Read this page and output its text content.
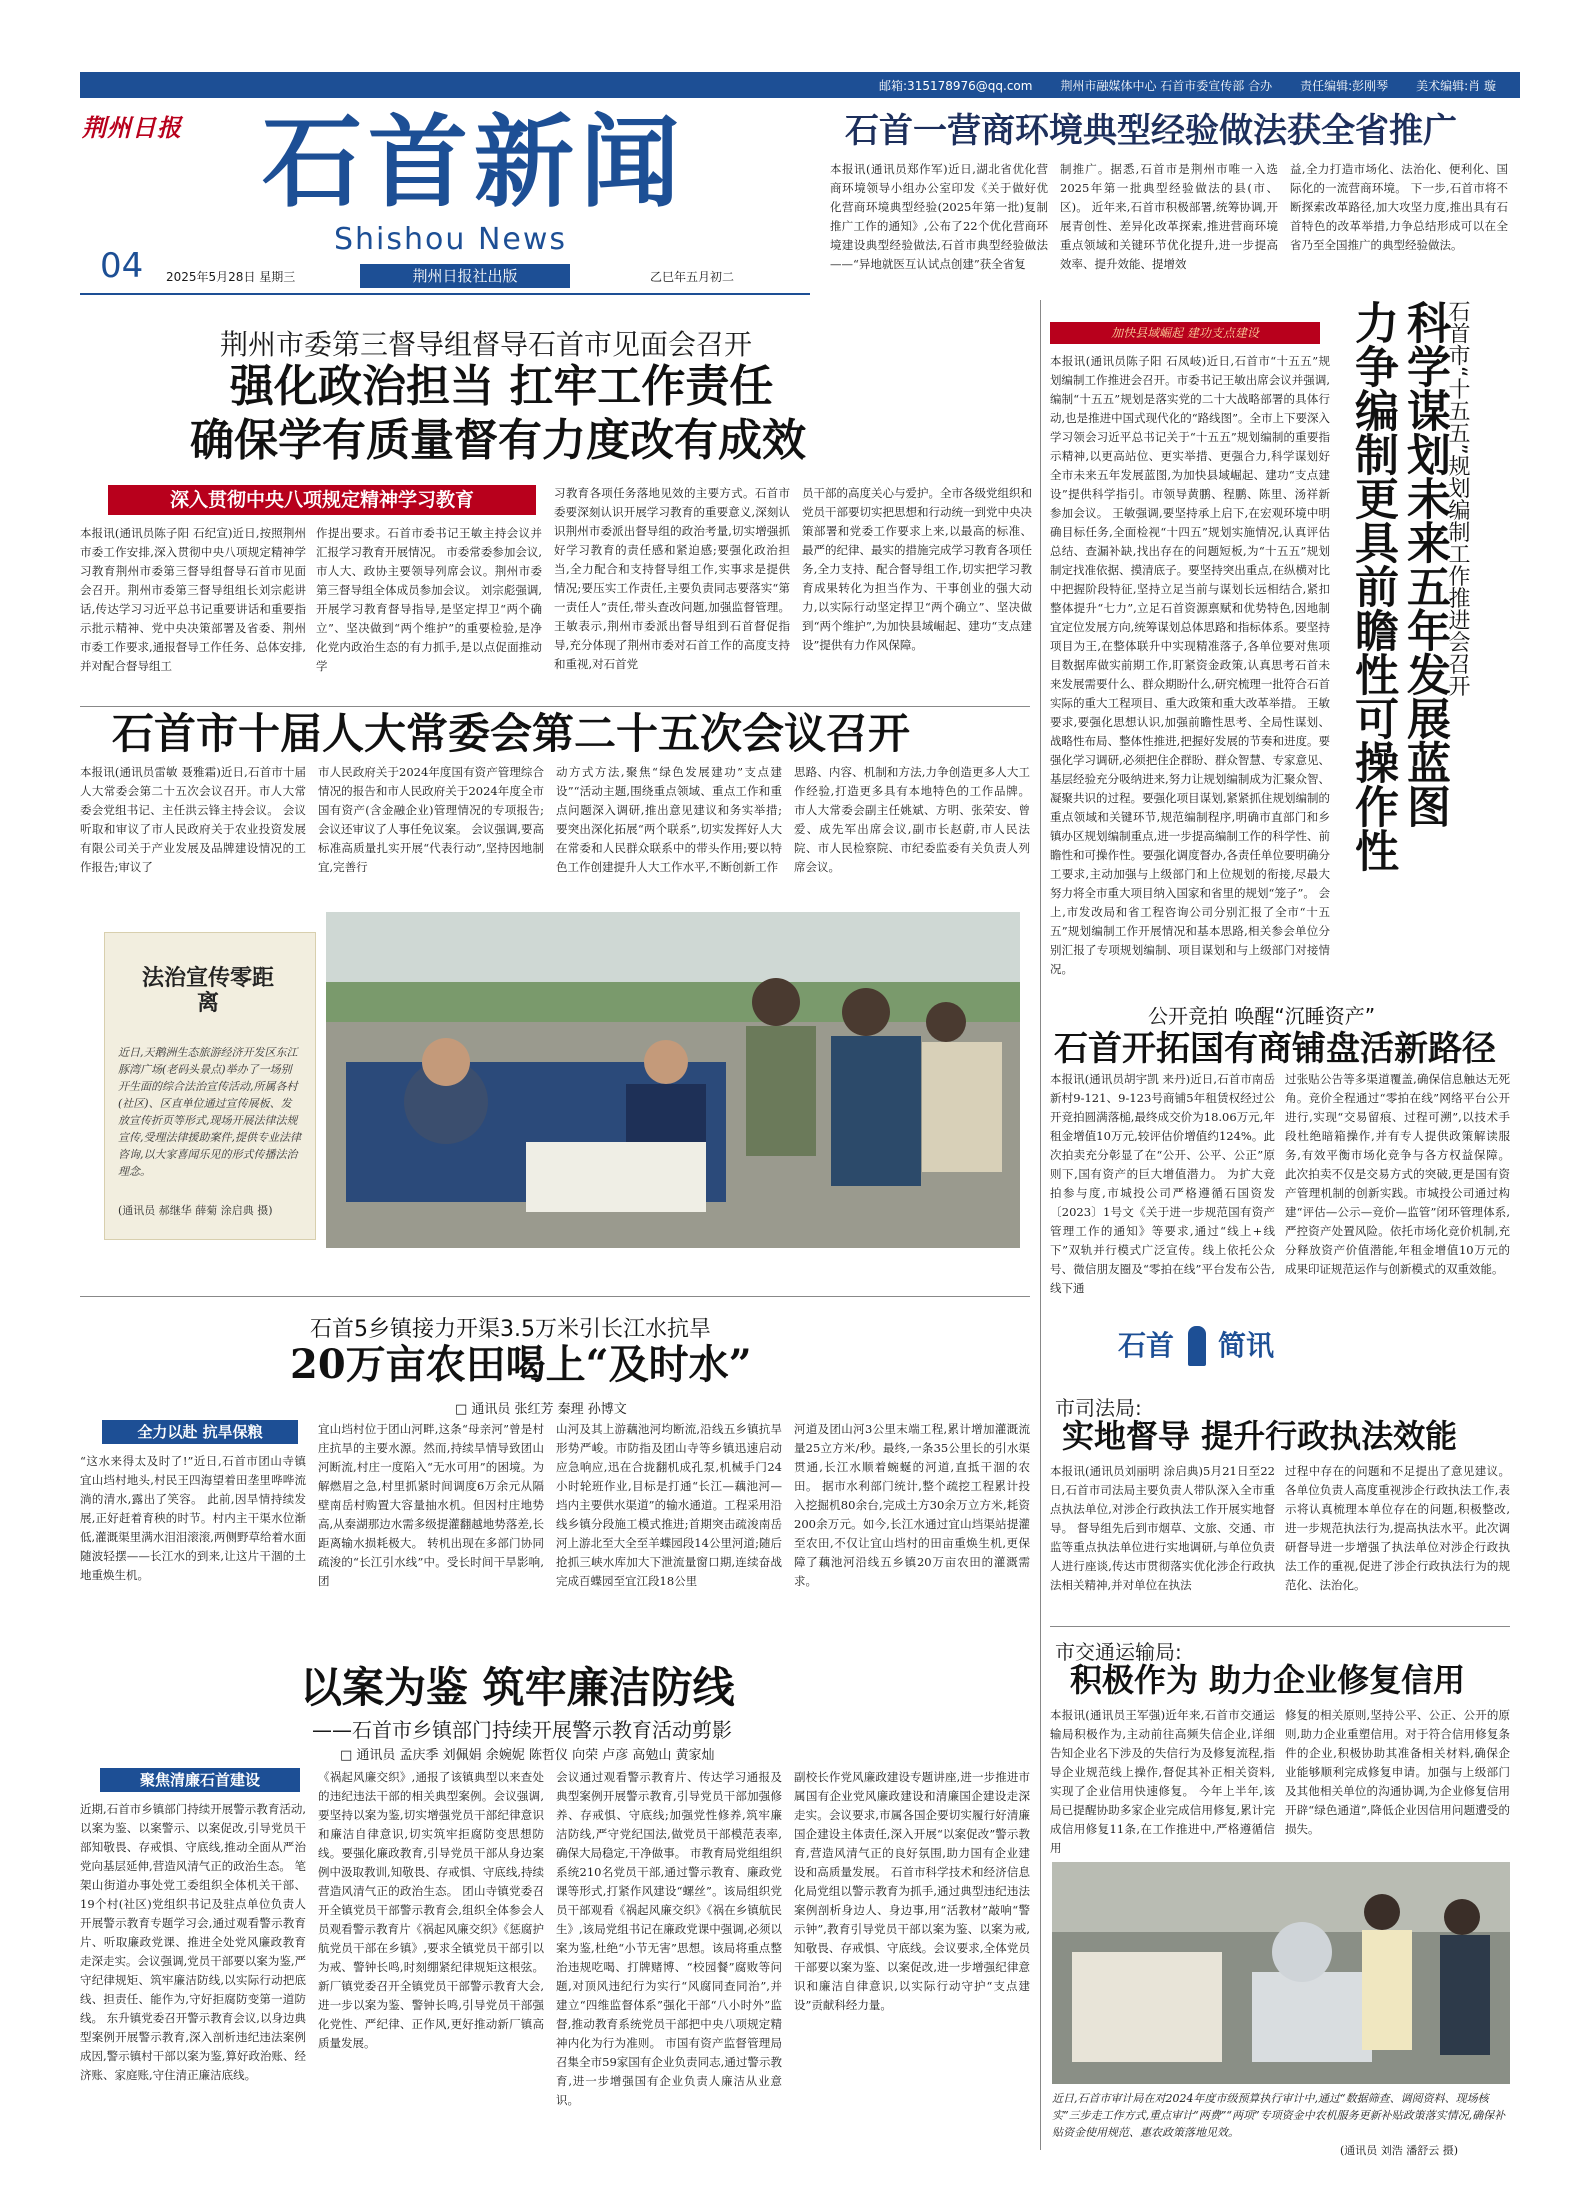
邮箱:315178976@qq.com 荆州市融媒体中心 石首市委宣传部 合办 责任编辑:彭刚琴 美术编辑:肖 璇
荆州日报 石首新闻
Shishou News
04 2025年5月28日 星期三	荆州日报社出版	乙巳年五月初二
石首一营商环境典型经验做法获全省推广
本报讯(通讯员郑作军)近日,湖北省优化营商环境领导小组办公室印发《关于做好优化营商环境典型经验(2025年第一批)复制推广工作的通知》,公布了22个优化营商环境建设典型经验做法,石首市典型经验做法——“异地就医互认试点创建”获全省复
制推广。据悉,石首市是荆州市唯一入选2025年第一批典型经验做法的县(市、区)。 近年来,石首市积极部署,统筹协调,开展青创性、差异化改革探索,推进营商环境重点领域和关键环节优化提升,进一步提高效率、提升效能、提增效
益,全力打造市场化、法治化、便利化、国际化的一流营商环境。 下一步,石首市将不断探索改革路径,加大攻坚力度,推出具有石首特色的改革举措,力争总结形成可以在全省乃至全国推广的典型经验做法。
荆州市委第三督导组督导石首市见面会召开
强化政治担当 扛牢工作责任
确保学有质量督有力度改有成效
深入贯彻中央八项规定精神学习教育
本报讯(通讯员陈子阳 石纪宣)近日,按照荆州市委工作安排,深入贯彻中央八项规定精神学习教育荆州市委第三督导组督导石首市见面会召开。荆州市委第三督导组组长刘宗彪讲话,传达学习习近平总书记重要讲话和重要指示批示精神、党中央决策部署及省委、荆州市委工作要求,通报督导工作任务、总体安排,并对配合督导组工
作提出要求。石首市委书记王敏主持会议并汇报学习教育开展情况。 市委常委参加会议,市人大、政协主要领导列席会议。荆州市委第三督导组全体成员参加会议。 刘宗彪强调,开展学习教育督导指导,是坚定捍卫“两个确立”、坚决做到“两个维护”的重要检验,是净化党内政治生态的有力抓手,是以点促面推动学
习教育各项任务落地见效的主要方式。石首市委要深刻认识开展学习教育的重要意义,深刻认识荆州市委派出督导组的政治考量,切实增强抓好学习教育的责任感和紧迫感;要强化政治担当,全力配合和支持督导组工作,实事求是提供情况;要压实工作责任,主要负责同志要落实“第一责任人”责任,带头查改问题,加强监督管理。 王敏表示,荆州市委派出督导组到石首督促指导,充分体现了荆州市委对石首工作的高度支持和重视,对石首党
员干部的高度关心与爱护。全市各级党组织和党员干部要切实把思想和行动统一到党中央决策部署和党委工作要求上来,以最高的标准、最严的纪律、最实的措施完成学习教育各项任务,全力支持、配合督导组工作,切实把学习教育成果转化为担当作为、干事创业的强大动力,以实际行动坚定捍卫“两个确立”、坚决做到“两个维护”,为加快县域崛起、建功“支点建设”提供有力作风保障。
石首市十届人大常委会第二十五次会议召开
本报讯(通讯员雷敏 聂雅霜)近日,石首市十届人大常委会第二十五次会议召开。市人大常委会党组书记、主任洪云锋主持会议。 会议听取和审议了市人民政府关于农业投资发展有限公司关于产业发展及品牌建设情况的工作报告;审议了
市人民政府关于2024年度国有资产管理综合情况的报告和市人民政府关于2024年度全市国有资产(含金融企业)管理情况的专项报告;会议还审议了人事任免议案。 会议强调,要高标准高质量扎实开展“代表行动”,坚持因地制宜,完善行
动方式方法,聚焦“绿色发展建功”支点建设”“活动主题,围绕重点领域、重点工作和重点问题深入调研,推出意见建议和务实举措;要突出深化拓展“两个联系”,切实发挥好人大在常委和人民群众联系中的带头作用;要以特色工作创建提升人大工作水平,不断创新工作
思路、内容、机制和方法,力争创造更多人大工作经验,打造更多具有本地特色的工作品牌。 市人大常委会副主任姚斌、方明、张荣安、曾爱、成先军出席会议,副市长赵蔚,市人民法院、市人民检察院、市纪委监委有关负责人列席会议。
法治宣传零距离
近日,天鹅洲生态旅游经济开发区东江豚湾广场(老码头景点)举办了一场别开生面的综合法治宣传活动,所属各村(社区)、区直单位通过宣传展板、发放宣传折页等形式,现场开展法律法规宣传,受理法律援助案件,提供专业法律咨询,以大家喜闻乐见的形式传播法治理念。
(通讯员 郝继华 薛菊 涂启典 摄)
石首市“十五五”规划编制工作推进会召开
科学谋划未来五年发展蓝图
力争编制更具前瞻性可操作性
加快县域崛起 建功支点建设
本报讯(通讯员陈子阳 石凤岐)近日,石首市“十五五”规划编制工作推进会召开。市委书记王敏出席会议并强调,编制“十五五”规划是落实党的二十大战略部署的具体行动,也是推进中国式现代化的“路线图”。全市上下要深入学习领会习近平总书记关于“十五五”规划编制的重要指示精神,以更高站位、更实举措、更强合力,科学谋划好全市未来五年发展蓝图,为加快县域崛起、建功“支点建设”提供科学指引。市领导黄鹏、程鹏、陈里、汤祥新参加会议。 王敏强调,要坚持承上启下,在宏观环境中明确目标任务,全面检视“十四五”规划实施情况,认真评估总结、查漏补缺,找出存在的问题短板,为“十五五”规划制定找准依据、摸清底子。要坚持突出重点,在纵横对比中把握阶段特征,坚持立足当前与谋划长远相结合,紧扣整体提升“七力”,立足石首资源禀赋和优势特色,因地制宜定位发展方向,统筹谋划总体思路和指标体系。要坚持项目为王,在整体联升中实现精准落子,各单位要对焦项目数据库做实前期工作,盯紧资金政策,认真思考石首未来发展需要什么、群众期盼什么,研究梳理一批符合石首实际的重大工程项目、重大政策和重大改革举措。 王敏要求,要强化思想认识,加强前瞻性思考、全局性谋划、战略性布局、整体性推进,把握好发展的节奏和进度。要强化学习调研,必须把住企群盼、群众智慧、专家意见、基层经验充分吸纳进来,努力让规划编制成为汇聚众智、凝聚共识的过程。要强化项目谋划,紧紧抓住规划编制的重点领域和关键环节,规范编制程序,明确市直部门和乡镇办区规划编制重点,进一步提高编制工作的科学性、前瞻性和可操作性。要强化调度督办,各责任单位要明确分工要求,主动加强与上级部门和上位规划的衔接,尽最大努力将全市重大项目纳入国家和省里的规划“笼子”。 会上,市发改局和省工程咨询公司分别汇报了全市“十五五”规划编制工作开展情况和基本思路,相关参会单位分别汇报了专项规划编制、项目谋划和与上级部门对接情况。
公开竞拍 唤醒“沉睡资产”
石首开拓国有商铺盘活新路径
本报讯(通讯员胡宇凯 来丹)近日,石首市南岳新村9-121、9-123号商铺5年租赁权经过公开竞拍圆满落槌,最终成交价为18.06万元,年租金增值10万元,较评估价增值约124%。此次拍卖充分彰显了在“公开、公平、公正”原则下,国有资产的巨大增值潜力。 为扩大竞拍参与度,市城投公司严格遵循石国资发〔2023〕1号文《关于进一步规范国有资产管理工作的通知》等要求,通过“线上+线下”双轨并行模式广泛宣传。线上依托公众号、微信朋友圈及“零拍在线”平台发布公告,线下通
过张贴公告等多渠道覆盖,确保信息触达无死角。竞价全程通过“零拍在线”网络平台公开进行,实现“交易留痕、过程可溯”,以技术手段杜绝暗箱操作,并有专人提供政策解读服务,有效平衡市场化竞争与各方权益保障。 此次拍卖不仅是交易方式的突破,更是国有资产管理机制的创新实践。市城投公司通过构建“评估—公示—竞价—监管”闭环管理体系,严控资产处置风险。依托市场化竞价机制,充分释放资产价值潜能,年租金增值10万元的成果印证规范运作与创新模式的双重效能。
石首5乡镇接力开渠3.5万米引长江水抗旱
20万亩农田喝上“及时水”
□ 通讯员 张红芳 秦理 孙博文
全力以赴 抗旱保粮
“这水来得太及时了!”近日,石首市团山寺镇宜山垱村地头,村民王四海望着田垄里哗哗流淌的清水,露出了笑容。 此前,因旱情持续发展,正好赶着育秧的时节。村内主干渠水位渐低,灌溉渠里满水泪泪滚滚,两侧野草给着水面随波轻摆——长江水的到来,让这片干涸的土地重焕生机。
宜山垱村位于团山河畔,这条“母亲河”曾是村庄抗旱的主要水源。然而,持续旱情导致团山河断流,村庄一度陷入“无水可用”的困境。为解燃眉之急,村里抓紧时间调度6万余元从隔壁南岳村购置大容量抽水机。但因村庄地势高,从秦湖那边水需多级提灌翻越地势落差,长距离输水损耗极大。 转机出现在多部门协同疏浚的“长江引水线”中。受长时间干旱影响,团
山河及其上游藕池河均断流,沿线五乡镇抗旱形势严峻。市防指及团山寺等乡镇迅速启动应急响应,迅在合拢翻机成孔泵,机械手门24小时轮班作业,目标是打通“长江—藕池河—垱内主要供水渠道”的输水通道。工程采用沿线乡镇分段施工模式推进;首期突击疏浚南岳河上游北至大全至羊蝶园段14公里河道;随后抢抓三峡水库加大下泄流量窗口期,连续奋战完成百蝶园至宜江段18公里
河道及团山河3公里末端工程,累计增加灌溉流量25立方米/秒。最终,一条35公里长的引水渠贯通,长江水顺着蜿蜒的河道,直抵干涸的农田。 据市水利部门统计,整个疏挖工程累计投入挖掘机80余台,完成土方30余万立方米,耗资200余万元。如今,长江水通过宜山垱渠站提灌至农田,不仅让宜山垱村的田亩重焕生机,更保障了藕池河沿线五乡镇20万亩农田的灌溉需求。
石首 简讯
市司法局:
实地督导 提升行政执法效能
本报讯(通讯员刘丽明 涂启典)5月21日至22日,石首市司法局主要负责人带队深入全市重点执法单位,对涉企行政执法工作开展实地督导。 督导组先后到市烟草、文旅、交通、市监等重点执法单位进行实地调研,与单位负责人进行座谈,传达市贯彻落实优化涉企行政执法相关精神,并对单位在执法
过程中存在的问题和不足提出了意见建议。各单位负责人高度重视涉企行政执法工作,表示将认真梳理本单位存在的问题,积极整改,进一步规范执法行为,提高执法水平。此次调研督导进一步增强了执法单位对涉企行政执法工作的重视,促进了涉企行政执法行为的规范化、法治化。
市交通运输局:
积极作为 助力企业修复信用
本报讯(通讯员王军强)近年来,石首市交通运输局积极作为,主动前往高频失信企业,详细告知企业名下涉及的失信行为及修复流程,指导企业规范线上操作,督促其补正相关资料,实现了企业信用快速修复。 今年上半年,该局已提醒协助多家企业完成信用修复,累计完成信用修复11条,在工作推进中,严格遵循信用
修复的相关原则,坚持公平、公正、公开的原则,助力企业重塑信用。对于符合信用修复条件的企业,积极协助其准备相关材料,确保企业能够顺利完成修复申请。加强与上级部门及其他相关单位的沟通协调,为企业修复信用开辟“绿色通道”,降低企业因信用问题遭受的损失。
近日,石首市审计局在对2024年度市级预算执行审计中,通过“数据筛查、调阅资料、现场核实”三步走工作方式,重点审计“两费”“两项”专项资金中农机服务更新补贴政策落实情况,确保补贴资金使用规范、惠农政策落地见效。
(通讯员 刘浩 潘舒云 摄)
以案为鉴 筑牢廉洁防线
——石首市乡镇部门持续开展警示教育活动剪影
□ 通讯员 孟庆季 刘佩娟 余婉妮 陈哲仪 向荣 卢彦 高勉山 黄家灿
聚焦清廉石首建设
近期,石首市乡镇部门持续开展警示教育活动,以案为鉴、以案警示、以案促改,引导党员干部知敬畏、存戒惧、守底线,推动全面从严治党向基层延伸,营造风清气正的政治生态。 笔架山街道办事处党工委组织全体机关干部、19个村(社区)党组织书记及驻点单位负责人开展警示教育专题学习会,通过观看警示教育片、听取廉政党课、推进全处党风廉政教育走深走实。会议强调,党员干部要以案为鉴,严守纪律规矩、筑牢廉洁防线,以实际行动把底线、担责任、能作为,守好拒腐防变第一道防线。 东升镇党委召开警示教育会议,以身边典型案例开展警示教育,深入剖析违纪违法案例成因,警示镇村干部以案为鉴,算好政治账、经济账、家庭账,守住清正廉洁底线。
《祸起风廉交织》,通报了该镇典型以来查处的违纪违法干部的相关典型案例。会议强调,要坚持以案为鉴,切实增强党员干部纪律意识和廉洁自律意识,切实筑牢拒腐防变思想防线。要强化廉政教育,引导党员干部从身边案例中汲取教训,知敬畏、存戒惧、守底线,持续营造风清气正的政治生态。 团山寺镇党委召开全镇党员干部警示教育会,组织全体参会人员观看警示教育片《祸起风廉交织》《惩腐护航党员干部在乡镇》,要求全镇党员干部引以为戒、警钟长鸣,时刻绷紧纪律规矩这根弦。 新厂镇党委召开全镇党员干部警示教育大会,进一步以案为鉴、警钟长鸣,引导党员干部强化党性、严纪律、正作风,更好推动新厂镇高质量发展。
会议通过观看警示教育片、传达学习通报及典型案例开展警示教育,引导党员干部加强修养、存戒惧、守底线;加强党性修养,筑牢廉洁防线,严守党纪国法,做党员干部模范表率,确保大局稳定,干净做事。 市教育局党组组织系统210名党员干部,通过警示教育、廉政党课等形式,打紧作风建设“螺丝”。该局组织党员干部观看《祸起风廉交织》《祸在乡镇航民生》,该局党组书记在廉政党课中强调,必须以案为鉴,杜绝“小节无害”思想。该局将重点整治违规吃喝、打牌赌博、“校园餐”腐败等问题,对顶风违纪行为实行“风腐同查同治”,并建立“四维监督体系”强化干部“八小时外”监督,推动教育系统党员干部把中央八项规定精神内化为行为准则。 市国有资产监督管理局召集全市59家国有企业负责同志,通过警示教育,进一步增强国有企业负责人廉洁从业意识。
副校长作党风廉政建设专题讲座,进一步推进市属国有企业党风廉政建设和清廉国企建设走深走实。会议要求,市属各国企要切实履行好清廉国企建设主体责任,深入开展“以案促改”警示教育,营造风清气正的良好氛围,助力国有企业建设和高质量发展。 石首市科学技术和经济信息化局党组以警示教育为抓手,通过典型违纪违法案例剖析身边人、身边事,用“活教材”敲响“警示钟”,教育引导党员干部以案为鉴、以案为戒,知敬畏、存戒惧、守底线。会议要求,全体党员干部要以案为鉴、以案促改,进一步增强纪律意识和廉洁自律意识,以实际行动守护“支点建设”贡献科经力量。
